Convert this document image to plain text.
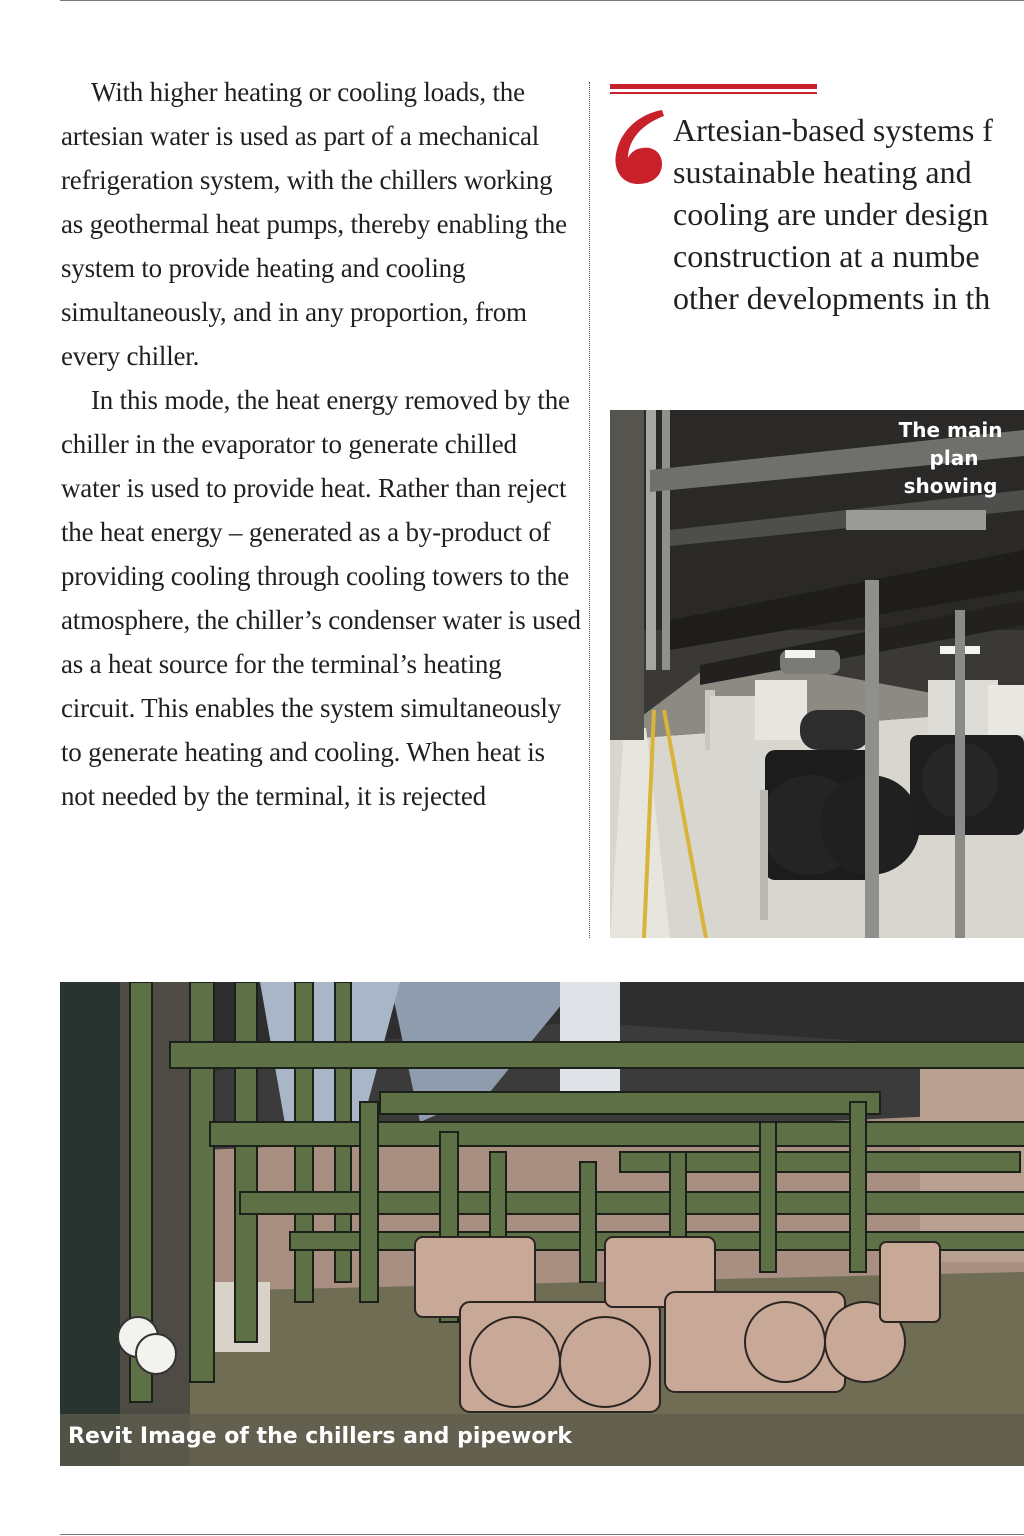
With higher heating or cooling loads, the artesian water is used as part of a mechanical refrigeration system, with the chillers working as geothermal heat pumps, thereby enabling the system to provide heating and cooling simultaneously, and in any proportion, from every chiller.

In this mode, the heat energy removed by the chiller in the evaporator to generate chilled water is used to provide heat. Rather than reject the heat energy – generated as a by-product of providing cooling through cooling towers to the atmosphere, the chiller’s condenser water is used as a heat source for the terminal’s heating circuit. This enables the system simultaneously to generate heating and cooling. When heat is not needed by the terminal, it is rejected

Artesian-based systems f
sustainable heating and
cooling are under design
construction at a numbe
other developments in th
The main
plan
showing
Revit Image of the chillers and pipework
